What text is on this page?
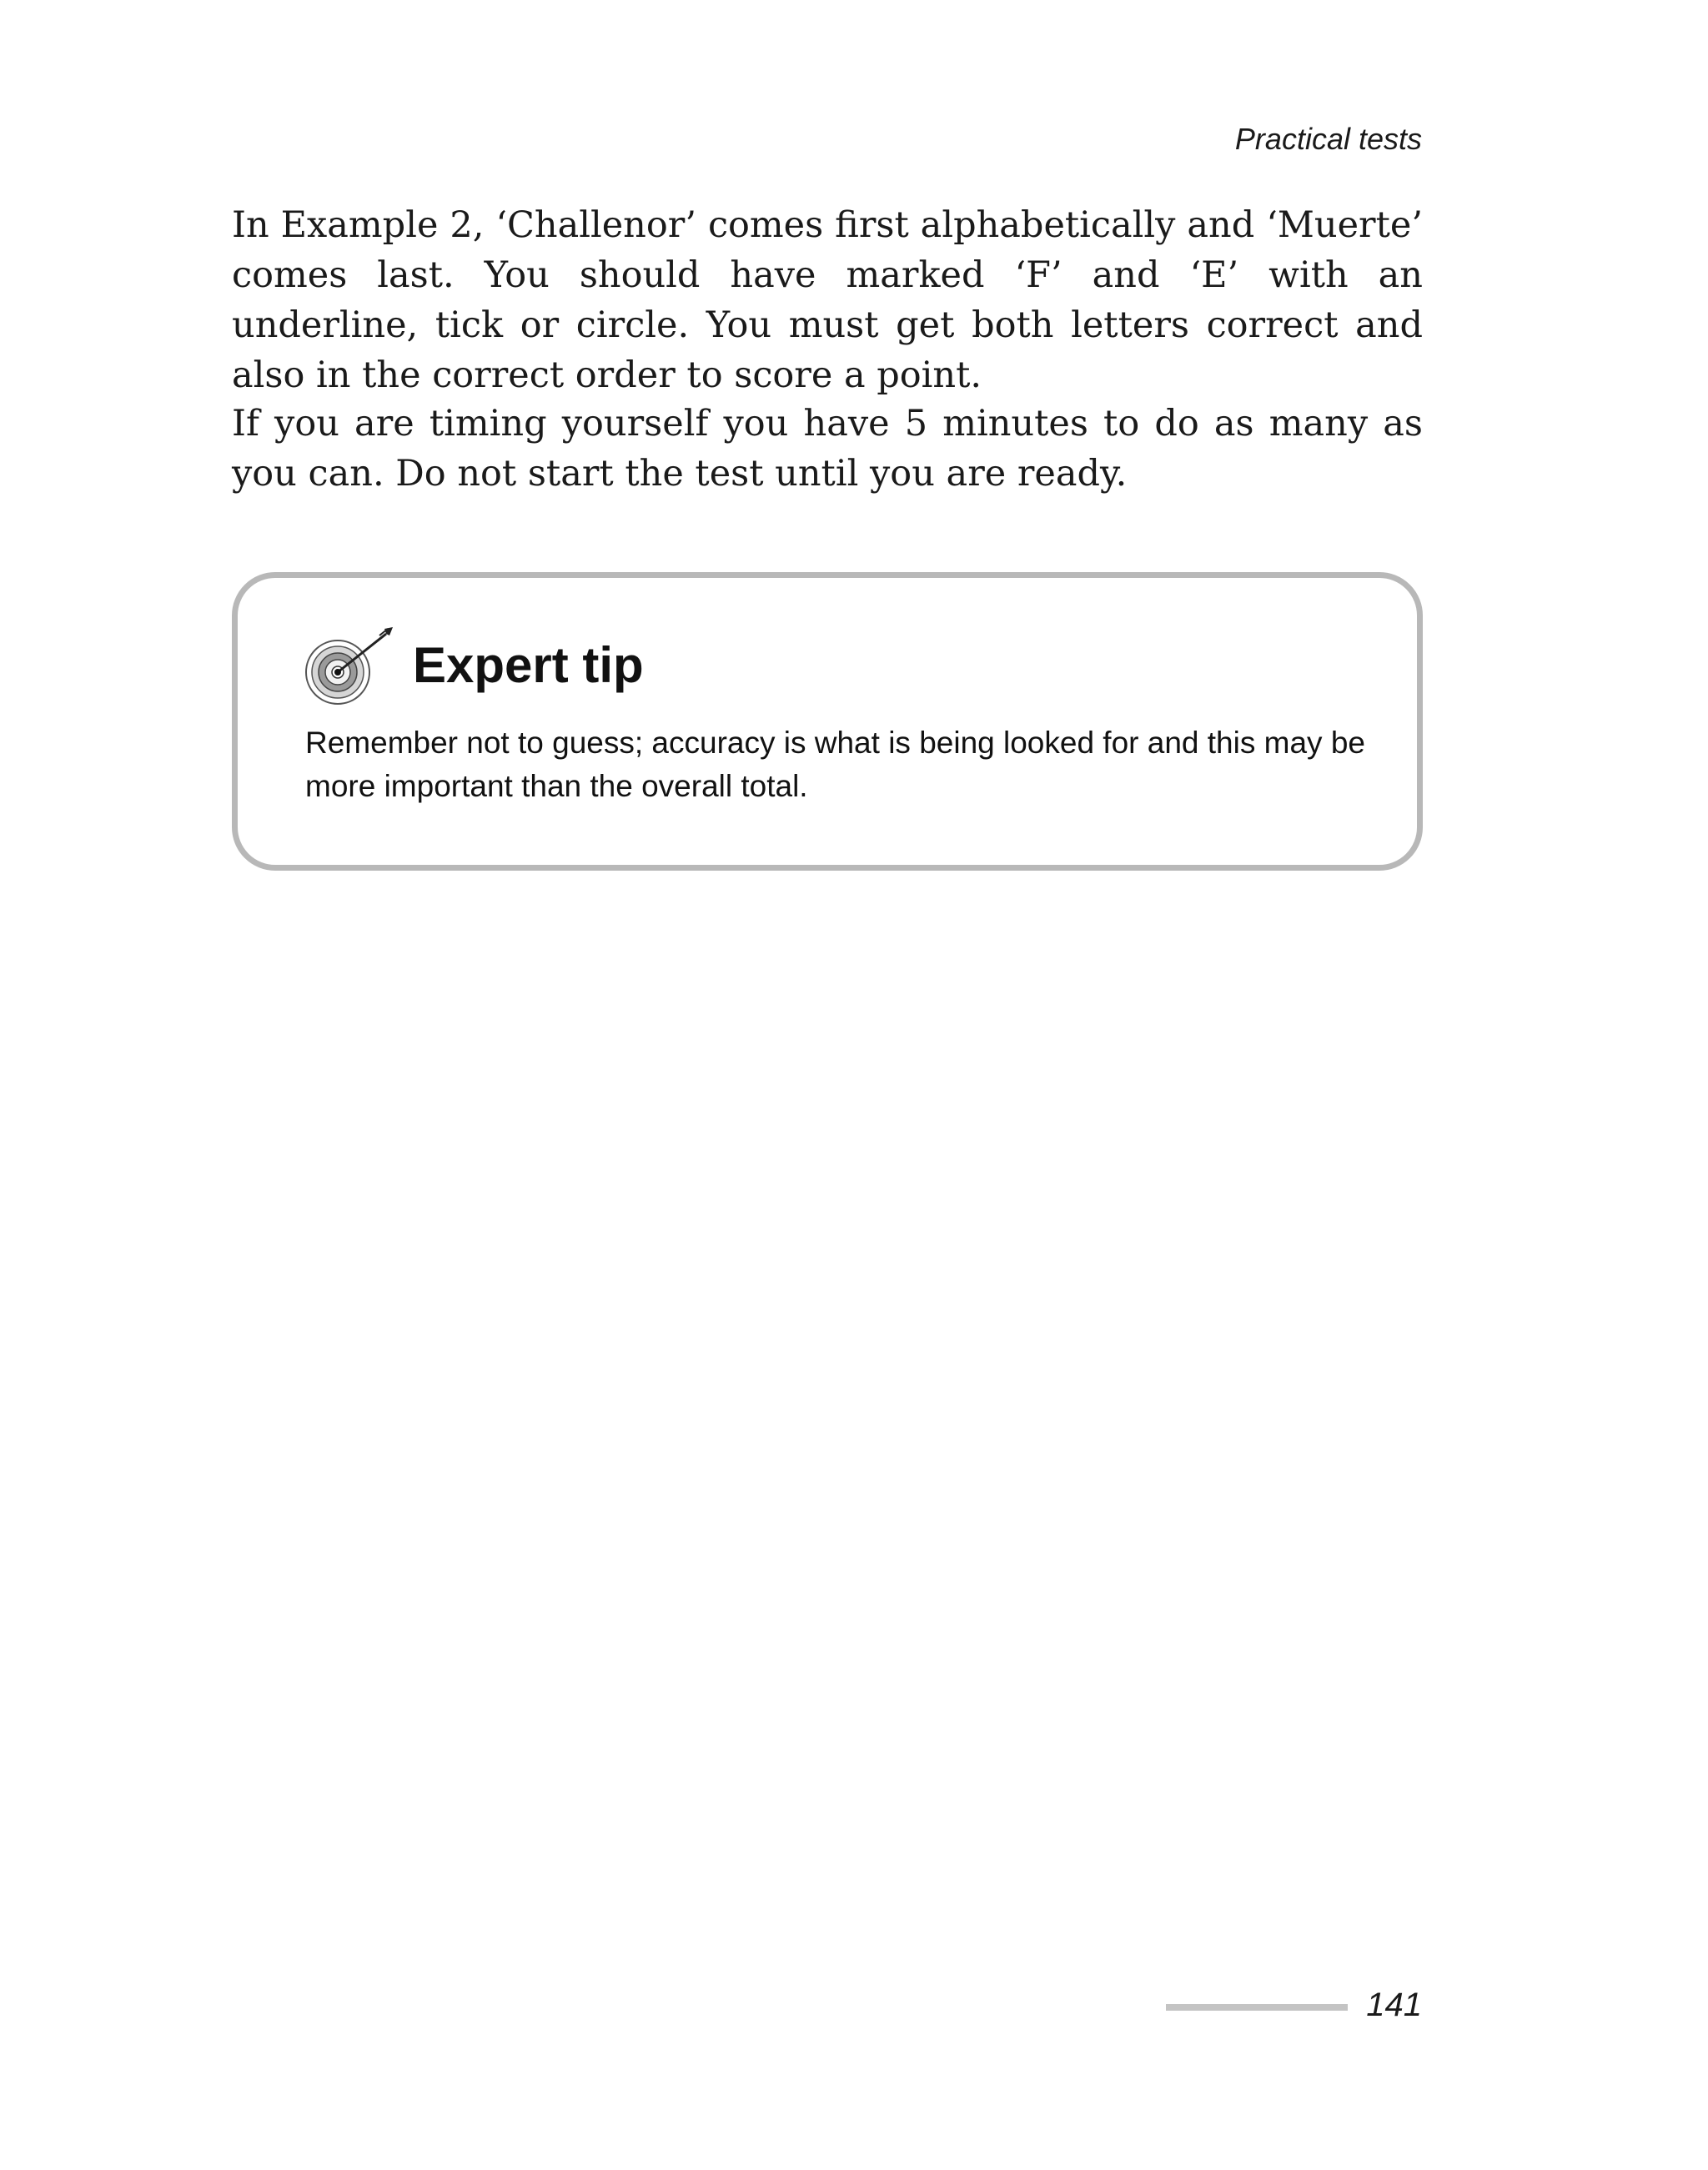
Practical tests

In Example 2, ‘Challenor’ comes first alphabetically and ‘Muerte’ comes last. You should have marked ‘F’ and ‘E’ with an underline, tick or circle. You must get both letters correct and also in the correct order to score a point.

If you are timing yourself you have 5 minutes to do as many as you can. Do not start the test until you are ready.

Expert tip

Remember not to guess; accuracy is what is being looked for and this may be more important than the overall total.

141
